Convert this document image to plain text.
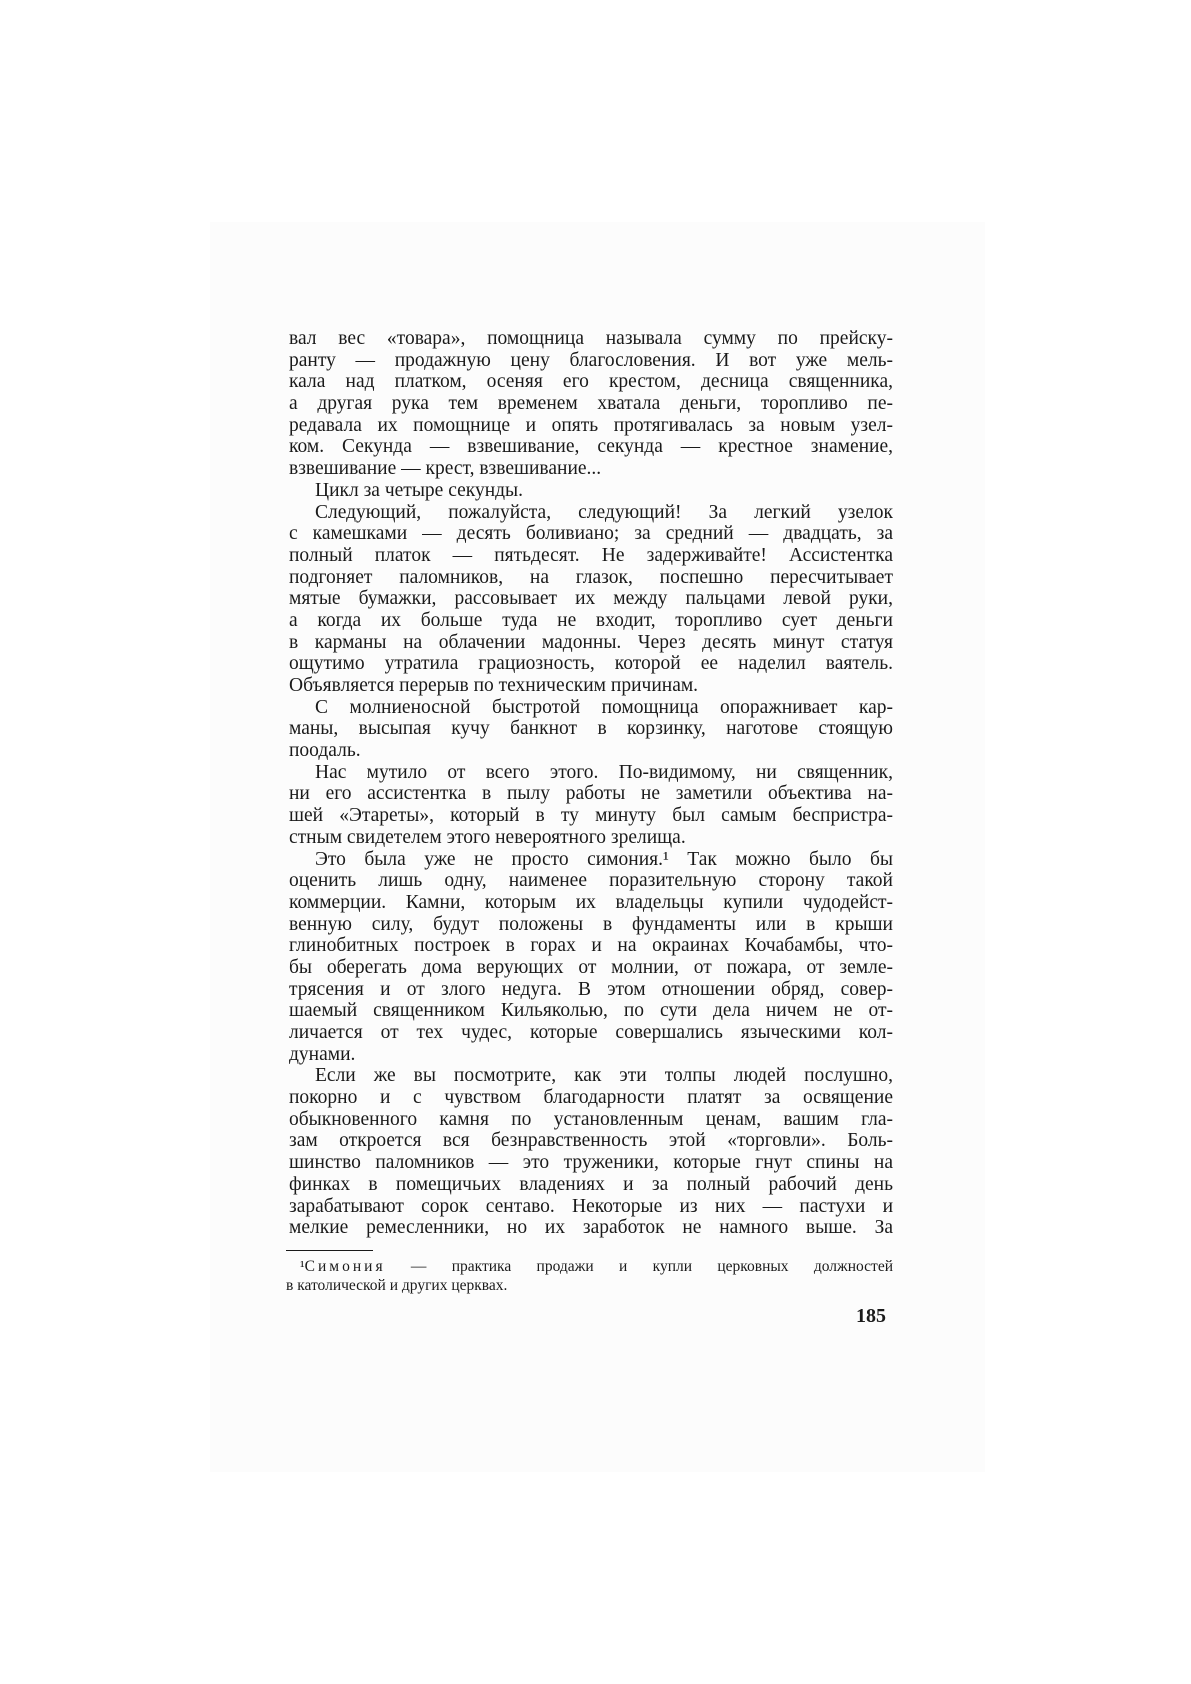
вал вес «товара», помощница называла сумму по прейску-
ранту — продажную цену благословения. И вот уже мель-
кала над платком, осеняя его крестом, десница священника,
а другая рука тем временем хватала деньги, торопливо пе-
редавала их помощнице и опять протягивалась за новым узел-
ком. Секунда — взвешивание, секунда — крестное знамение,
взвешивание — крест, взвешивание...
Цикл за четыре секунды.
Следующий, пожалуйста, следующий! За легкий узелок
с камешками — десять боливиано; за средний — двадцать, за
полный платок — пятьдесят. Не задерживайте! Ассистентка
подгоняет паломников, на глазок, поспешно пересчитывает
мятые бумажки, рассовывает их между пальцами левой руки,
а когда их больше туда не входит, торопливо сует деньги
в карманы на облачении мадонны. Через десять минут статуя
ощутимо утратила грациозность, которой ее наделил ваятель.
Объявляется перерыв по техническим причинам.
С молниеносной быстротой помощница опоражнивает кар-
маны, высыпая кучу банкнот в корзинку, наготове стоящую
поодаль.
Нас мутило от всего этого. По-видимому, ни священник,
ни его ассистентка в пылу работы не заметили объектива на-
шей «Этареты», который в ту минуту был самым беспристра-
стным свидетелем этого невероятного зрелища.
Это была уже не просто симония.¹ Так можно было бы
оценить лишь одну, наименее поразительную сторону такой
коммерции. Камни, которым их владельцы купили чудодейст-
венную силу, будут положены в фундаменты или в крыши
глинобитных построек в горах и на окраинах Кочабамбы, что-
бы оберегать дома верующих от молнии, от пожара, от земле-
трясения и от злого недуга. В этом отношении обряд, совер-
шаемый священником Кильяколью, по сути дела ничем не от-
личается от тех чудес, которые совершались языческими кол-
дунами.
Если же вы посмотрите, как эти толпы людей послушно,
покорно и с чувством благодарности платят за освящение
обыкновенного камня по установленным ценам, вашим гла-
зам откроется вся безнравственность этой «торговли». Боль-
шинство паломников — это труженики, которые гнут спины на
финках в помещичьих владениях и за полный рабочий день
зарабатывают сорок сентаво. Некоторые из них — пастухи и
мелкие ремесленники, но их заработок не намного выше. За
¹Симония — практика продажи и купли церковных должностей
в католической и других церквах.
185
